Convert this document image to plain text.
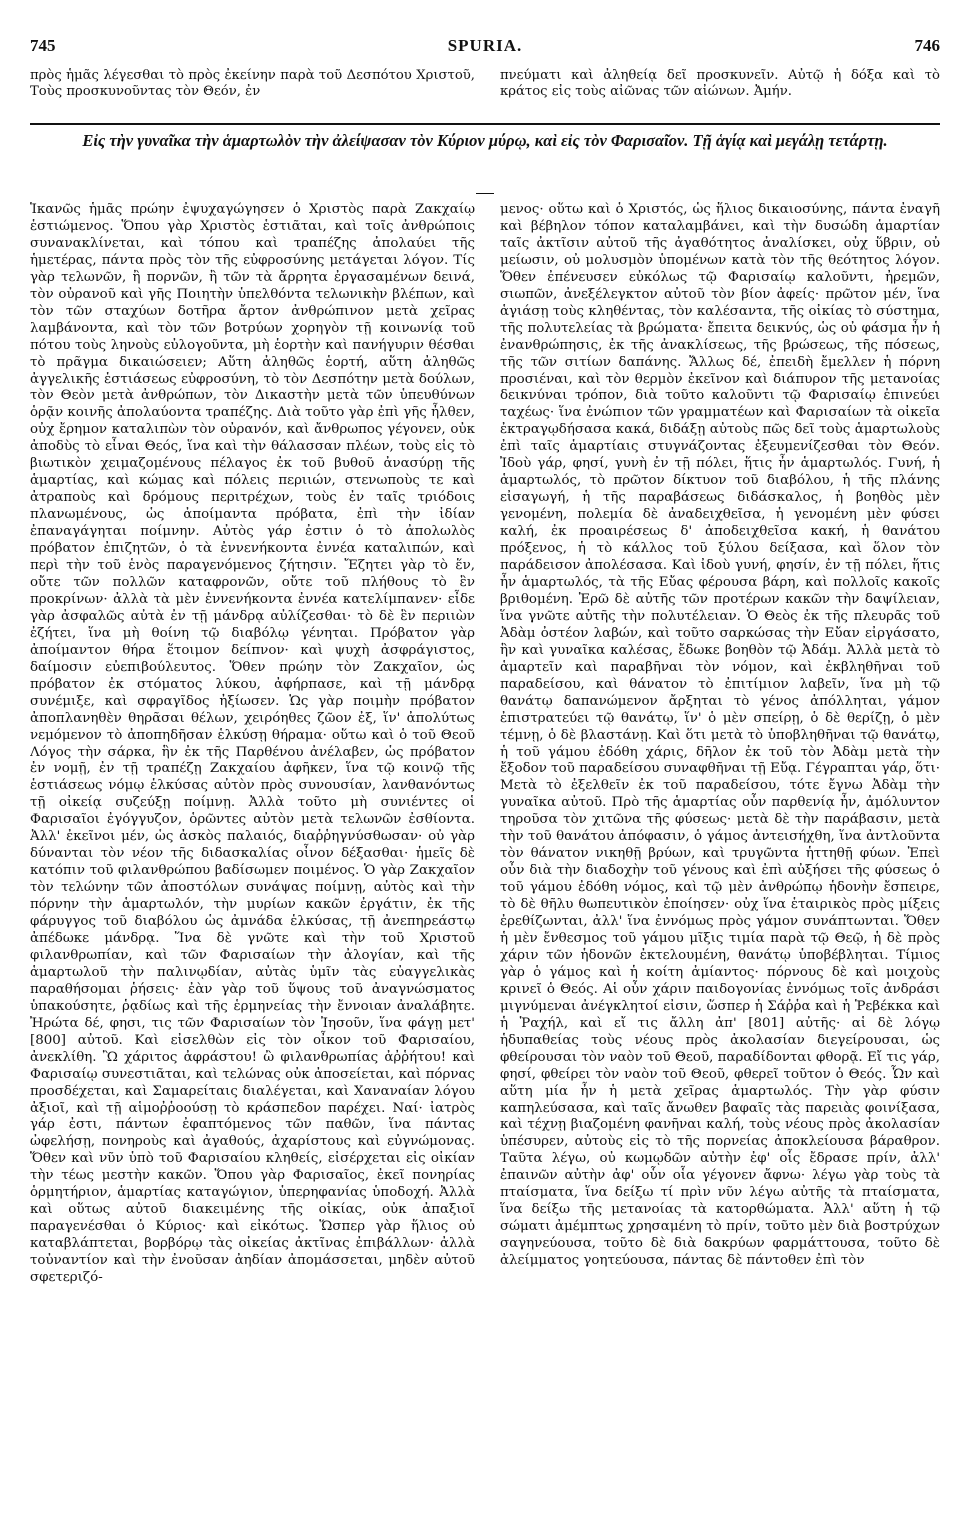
745	SPURIA.	746
πρὸς ἡμᾶς λέγεσθαι τὸ πρὸς ἐκείνην παρὰ τοῦ Δεσπότου Χριστοῦ, Τοὺς προσκυνοῦντας τὸν Θεόν, ἐν
πνεύματι καὶ ἀληθείᾳ δεῖ προσκυνεῖν. Αὐτῷ ἡ δόξα καὶ τὸ κράτος εἰς τοὺς αἰῶνας τῶν αἰώνων. Ἀμήν.
Εἰς τὴν γυναῖκα τὴν ἁμαρτωλὸν τὴν ἀλείψασαν τὸν Κύριον μύρῳ, καὶ εἰς τὸν Φαρισαῖον. Τῇ ἁγίᾳ καὶ μεγάλῃ τετάρτῃ.

Ἱκανῶς ἡμᾶς πρώην ἐψυχαγώγησεν ὁ Χριστὸς παρὰ Ζακχαίῳ ἑστιώμενος. Ὅπου γὰρ Χριστὸς ἑστιᾶται, καὶ τοῖς ἀνθρώποις συνανακλίνεται, καὶ τόπου καὶ τραπέζης ἀπολαύει τῆς ἡμετέρας, πάντα πρὸς τὸν τῆς εὐφροσύνης μετάγεται λόγον. Τίς γὰρ τελωνῶν, ἢ πορνῶν, ἢ τῶν τὰ ἄρρητα ἐργασαμένων δεινά, τὸν οὐρανοῦ καὶ γῆς Ποιητὴν ὑπελθόντα τελωνικὴν βλέπων, καὶ τὸν τῶν σταχύων δοτῆρα ἄρτον ἀνθρώπινον μετὰ χεῖρας λαμβάνοντα, καὶ τὸν τῶν βοτρύων χορηγὸν τῇ κοινωνίᾳ τοῦ πότου τοὺς ληνοὺς εὐλογοῦντα, μὴ ἑορτὴν καὶ πανήγυριν θέσθαι τὸ πρᾶγμα δικαιώσειεν; Αὕτη ἀληθῶς ἑορτή, αὕτη ἀληθῶς ἀγγελικῆς ἑστιάσεως εὐφροσύνη, τὸ τὸν Δεσπότην μετὰ δούλων, τὸν Θεὸν μετὰ ἀνθρώπων, τὸν Δικαστὴν μετὰ τῶν ὑπευθύνων ὁρᾷν κοινῆς ἀπολαύοντα τραπέζης. Διὰ τοῦτο γὰρ ἐπὶ γῆς ἦλθεν, οὐχ ἔρημον καταλιπὼν τὸν οὐρανόν, καὶ ἄνθρωπος γέγονεν, οὐκ ἀποδὺς τὸ εἶναι Θεός, ἵνα καὶ τὴν θάλασσαν πλέων, τοὺς εἰς τὸ βιωτικὸν χειμαζομένους πέλαγος ἐκ τοῦ βυθοῦ ἀνασύρῃ τῆς ἁμαρτίας, καὶ κώμας καὶ πόλεις περιιών, στενωποὺς τε καὶ ἀτραποὺς καὶ δρόμους περιτρέχων, τοὺς ἐν ταῖς τριόδοις πλανωμένους, ὡς ἀποίμαντα πρόβατα, ἐπὶ τὴν ἰδίαν ἐπαναγάγηται ποίμνην. Αὐτὸς γάρ ἐστιν ὁ τὸ ἀπολωλὸς πρόβατον ἐπιζητῶν, ὁ τὰ ἐννενήκοντα ἐννέα καταλιπών, καὶ περὶ τὴν τοῦ ἑνὸς παραγενόμενος ζήτησιν. Ἔζητει γὰρ τὸ ἕν, οὔτε τῶν πολλῶν καταφρονῶν, οὔτε τοῦ πλήθους τὸ ἓν προκρίνων· ἀλλὰ τὰ μὲν ἐννενήκοντα ἐννέα κατελίμπανεν· εἶδε γὰρ ἀσφαλῶς αὐτὰ ἐν τῇ μάνδρᾳ αὐλίζεσθαι· τὸ δὲ ἓν περιιὼν ἐζήτει, ἵνα μὴ θοίνη τῷ διαβόλῳ γένηται. Πρόβατον γὰρ ἀποίμαντον θήρα ἕτοιμον δείπνον· καὶ ψυχὴ ἀσφράγιστος, δαίμοσιν εὐεπιβούλευτος. Ὅθεν πρώην τὸν Ζακχαῖον, ὡς πρόβατον ἐκ στόματος λύκου, ἀφήρπασε, καὶ τῇ μάνδρᾳ συνέμιξε, καὶ σφραγῖδος ἠξίωσεν. Ὡς γὰρ ποιμὴν πρόβατον ἀποπλανηθὲν θηρᾶσαι θέλων, χειρόηθες ζῶον ἐξ, ἵν' ἀπολύτως νεμόμενον τὸ ἀποπηδῆσαν ἑλκύσῃ θήραμα· οὕτω καὶ ὁ τοῦ Θεοῦ Λόγος τὴν σάρκα, ἣν ἐκ τῆς Παρθένου ἀνέλαβεν, ὡς πρόβατον ἐν νομῇ, ἐν τῇ τραπέζῃ Ζακχαίου ἀφῆκεν, ἵνα τῷ κοινῷ τῆς ἑστιάσεως νόμῳ ἑλκύσας αὐτὸν πρὸς συνουσίαν, λανθανόντως τῇ οἰκείᾳ συζεύξῃ ποίμνῃ. Ἀλλὰ τοῦτο μὴ συνιέντες οἱ Φαρισαῖοι ἐγόγγυζον, ὁρῶντες αὐτὸν μετὰ τελωνῶν ἐσθίοντα. Ἀλλ' ἐκεῖνοι μέν, ὡς ἀσκὸς παλαιός, διαῤῥηγνύσθωσαν· οὐ γὰρ δύνανται τὸν νέον τῆς διδασκαλίας οἶνον δέξασθαι· ἡμεῖς δὲ κατόπιν τοῦ φιλανθρώπου βαδίσωμεν ποιμένος. Ὁ γὰρ Ζακχαῖον τὸν τελώνην τῶν ἀποστόλων συνάψας ποίμνῃ, αὐτὸς καὶ τὴν πόρνην τὴν ἁμαρτωλόν, τὴν μυρίων κακῶν ἐργάτιν, ἐκ τῆς φάρυγγος τοῦ διαβόλου ὡς ἀμνάδα ἑλκύσας, τῇ ἀνεπηρεάστῳ ἀπέδωκε μάνδρᾳ. Ἵνα δὲ γνῶτε καὶ τὴν τοῦ Χριστοῦ φιλανθρωπίαν, καὶ τῶν Φαρισαίων τὴν ἀλογίαν, καὶ τῆς ἁμαρτωλοῦ τὴν παλινῳδίαν, αὐτὰς ὑμῖν τὰς εὐαγγελικὰς παραθήσομαι ῥήσεις· ἐὰν γὰρ τοῦ ὕψους τοῦ ἀναγνώσματος ὑπακούσητε, ῥᾳδίως καὶ τῆς ἑρμηνείας τὴν ἔννοιαν ἀναλάβητε. Ἠρώτα δέ, φησι, τις τῶν Φαρισαίων τὸν Ἰησοῦν, ἵνα φάγῃ μετ' [800] αὐτοῦ. Καὶ εἰσελθὼν εἰς τὸν οἶκον τοῦ Φαρισαίου, ἀνεκλίθη. Ὢ χάριτος ἀφράστου! ὢ φιλανθρωπίας ἀῤῥήτου! καὶ Φαρισαίῳ συνεστιᾶται, καὶ τελώνας οὐκ ἀποσείεται, καὶ πόρνας προσδέχεται, καὶ Σαμαρείταις διαλέγεται, καὶ Χαναναίαν λόγου ἀξιοῖ, καὶ τῇ αἱμοῤῥοούσῃ τὸ κράσπεδον παρέχει. Ναί· ἰατρὸς γάρ ἐστι, πάντων ἐφαπτόμενος τῶν παθῶν, ἵνα πάντας ὠφελήσῃ, πονηροὺς καὶ ἀγαθούς, ἀχαρίστους καὶ εὐγνώμονας. Ὅθεν καὶ νῦν ὑπὸ τοῦ Φαρισαίου κληθείς, εἰσέρχεται εἰς οἰκίαν τὴν τέως μεστὴν κακῶν. Ὅπου γὰρ Φαρισαῖος, ἐκεῖ πονηρίας ὁρμητήριον, ἁμαρτίας καταγώγιον, ὑπερηφανίας ὑποδοχή. Ἀλλὰ καὶ οὕτως αὐτοῦ διακειμένης τῆς οἰκίας, οὐκ ἀπαξιοῖ παραγενέσθαι ὁ Κύριος· καὶ εἰκότως. Ὥσπερ γὰρ ἥλιος οὐ καταβλάπτεται, βορβόρῳ τὰς οἰκείας ἀκτῖνας ἐπιβάλλων· ἀλλὰ τοὐναντίον καὶ τὴν ἐνοῦσαν ἀηδίαν ἀπομάσσεται, μηδὲν αὐτοῦ σφετεριζό-

μενος· οὕτω καὶ ὁ Χριστός, ὡς ἥλιος δικαιοσύνης, πάντα ἐναγῆ καὶ βέβηλον τόπον καταλαμβάνει, καὶ τὴν δυσώδη ἁμαρτίαν ταῖς ἀκτῖσιν αὐτοῦ τῆς ἀγαθότητος ἀναλίσκει, οὐχ ὕβριν, οὐ μείωσιν, οὐ μολυσμὸν ὑπομένων κατὰ τὸν τῆς θεότητος λόγον. Ὅθεν ἐπένευσεν εὐκόλως τῷ Φαρισαίῳ καλοῦντι, ἠρεμῶν, σιωπῶν, ἀνεξέλεγκτον αὐτοῦ τὸν βίον ἀφείς· πρῶτον μέν, ἵνα ἁγιάσῃ τοὺς κληθέντας, τὸν καλέσαντα, τῆς οἰκίας τὸ σύστημα, τῆς πολυτελείας τὰ βρώματα· ἔπειτα δεικνύς, ὡς οὐ φάσμα ἦν ἡ ἐνανθρώπησις, ἐκ τῆς ἀνακλίσεως, τῆς βρώσεως, τῆς πόσεως, τῆς τῶν σιτίων δαπάνης. Ἄλλως δέ, ἐπειδὴ ἔμελλεν ἡ πόρνη προσιέναι, καὶ τὸν θερμὸν ἐκεῖνον καὶ διάπυρον τῆς μετανοίας δεικνύναι τρόπον, διὰ τοῦτο καλοῦντι τῷ Φαρισαίῳ ἐπινεύει ταχέως· ἵνα ἐνώπιον τῶν γραμματέων καὶ Φαρισαίων τὰ οἰκεῖα ἐκτραγῳδήσασα κακά, διδάξῃ αὐτοὺς πῶς δεῖ τοὺς ἁμαρτωλοὺς ἐπὶ ταῖς ἁμαρτίαις στυγνάζοντας ἐξευμενίζεσθαι τὸν Θεόν. Ἰδοὺ γάρ, φησί, γυνὴ ἐν τῇ πόλει, ἥτις ἦν ἁμαρτωλός. Γυνή, ἡ ἁμαρτωλός, τὸ πρῶτον δίκτυον τοῦ διαβόλου, ἡ τῆς πλάνης εἰσαγωγή, ἡ τῆς παραβάσεως διδάσκαλος, ἡ βοηθὸς μὲν γενομένη, πολεμία δὲ ἀναδειχθεῖσα, ἡ γενομένη μὲν φύσει καλή, ἐκ προαιρέσεως δ' ἀποδειχθεῖσα κακή, ἡ θανάτου πρόξενος, ἡ τὸ κάλλος τοῦ ξύλου δείξασα, καὶ ὅλον τὸν παράδεισον ἀπολέσασα. Καὶ ἰδοὺ γυνή, φησίν, ἐν τῇ πόλει, ἥτις ἦν ἁμαρτωλός, τὰ τῆς Εὔας φέρουσα βάρη, καὶ πολλοῖς κακοῖς βριθομένη. Ἐρῶ δὲ αὐτῆς τῶν προτέρων κακῶν τὴν δαψίλειαν, ἵνα γνῶτε αὐτῆς τὴν πολυτέλειαν. Ὁ Θεὸς ἐκ τῆς πλευρᾶς τοῦ Ἀδὰμ ὀστέον λαβών, καὶ τοῦτο σαρκώσας τὴν Εὔαν εἰργάσατο, ἣν καὶ γυναῖκα καλέσας, ἔδωκε βοηθὸν τῷ Ἀδάμ. Ἀλλὰ μετὰ τὸ ἁμαρτεῖν καὶ παραβῆναι τὸν νόμον, καὶ ἐκβληθῆναι τοῦ παραδείσου, καὶ θάνατον τὸ ἐπιτίμιον λαβεῖν, ἵνα μὴ τῷ θανάτῳ δαπανώμενον ἄρξηται τὸ γένος ἀπόλληται, γάμον ἐπιστρατεύει τῷ θανάτῳ, ἵν' ὁ μὲν σπείρῃ, ὁ δὲ θερίζῃ, ὁ μὲν τέμνῃ, ὁ δὲ βλαστάνῃ. Καὶ ὅτι μετὰ τὸ ὑποβληθῆναι τῷ θανάτῳ, ἡ τοῦ γάμου ἐδόθη χάρις, δῆλον ἐκ τοῦ τὸν Ἀδὰμ μετὰ τὴν ἔξοδον τοῦ παραδείσου συναφθῆναι τῇ Εὔᾳ. Γέγραπται γάρ, ὅτι· Μετὰ τὸ ἐξελθεῖν ἐκ τοῦ παραδείσου, τότε ἔγνω Ἀδὰμ τὴν γυναῖκα αὐτοῦ. Πρὸ τῆς ἁμαρτίας οὖν παρθενίᾳ ἦν, ἀμόλυντον τηροῦσα τὸν χιτῶνα τῆς φύσεως· μετὰ δὲ τὴν παράβασιν, μετὰ τὴν τοῦ θανάτου ἀπόφασιν, ὁ γάμος ἀντεισήχθη, ἵνα ἀντλοῦντα τὸν θάνατον νικηθῇ βρύων, καὶ τρυγῶντα ἡττηθῇ φύων. Ἐπεὶ οὖν διὰ τὴν διαδοχὴν τοῦ γένους καὶ ἐπὶ αὐξήσει τῆς φύσεως ὁ τοῦ γάμου ἐδόθη νόμος, καὶ τῷ μὲν ἀνθρώπῳ ἡδονὴν ἔσπειρε, τὸ δὲ θῆλυ θωπευτικὸν ἐποίησεν· οὐχ ἵνα ἑταιρικὸς πρὸς μίξεις ἐρεθίζωνται, ἀλλ' ἵνα ἐννόμως πρὸς γάμον συνάπτωνται. Ὅθεν ἡ μὲν ἔνθεσμος τοῦ γάμου μῖξις τιμία παρὰ τῷ Θεῷ, ἡ δὲ πρὸς χάριν τῶν ἡδονῶν ἐκτελουμένη, θανάτῳ ὑποβέβληται. Τίμιος γὰρ ὁ γάμος καὶ ἡ κοίτη ἀμίαντος· πόρνους δὲ καὶ μοιχοὺς κρινεῖ ὁ Θεός. Αἱ οὖν χάριν παιδογονίας ἐννόμως τοῖς ἀνδράσι μιγνύμεναι ἀνέγκλητοί εἰσιν, ὥσπερ ἡ Σάῤῥα καὶ ἡ Ῥεβέκκα καὶ ἡ Ῥαχήλ, καὶ εἴ τις ἄλλη ἀπ' [801] αὐτῆς· αἱ δὲ λόγῳ ἡδυπαθείας τοὺς νέους πρὸς ἀκολασίαν διεγείρουσαι, ὡς φθείρουσαι τὸν ναὸν τοῦ Θεοῦ, παραδίδονται φθορᾷ. Εἴ τις γάρ, φησί, φθείρει τὸν ναὸν τοῦ Θεοῦ, φθερεῖ τοῦτον ὁ Θεός. Ὧν καὶ αὕτη μία ἦν ἡ μετὰ χεῖρας ἁμαρτωλός. Τὴν γὰρ φύσιν καπηλεύσασα, καὶ ταῖς ἄνωθεν βαφαῖς τὰς παρειὰς φοινίξασα, καὶ τέχνῃ βιαζομένη φανῆναι καλή, τοὺς νέους πρὸς ἀκολασίαν ὑπέσυρεν, αὐτοὺς εἰς τὸ τῆς πορνείας ἀποκλείουσα βάραθρον. Ταῦτα λέγω, οὐ κωμῳδῶν αὐτὴν ἐφ' οἷς ἔδρασε πρίν, ἀλλ' ἐπαινῶν αὐτὴν ἀφ' οὗν οἷα γέγονεν ἄφνω· λέγω γὰρ τοὺς τὰ πταίσματα, ἵνα δείξω τί πρὶν νῦν λέγω αὐτῆς τὰ πταίσματα, ἵνα δείξω τῆς μετανοίας τὰ κατορθώματα. Ἀλλ' αὕτη ἡ τῷ σώματι ἀμέμπτως χρησαμένη τὸ πρίν, τοῦτο μὲν διὰ βοστρύχων σαγηνεύουσα, τοῦτο δὲ διὰ δακρύων φαρμάττουσα, τοῦτο δὲ ἀλείμματος γοητεύουσα, πάντας δὲ πάντοθεν ἐπὶ τὸν
